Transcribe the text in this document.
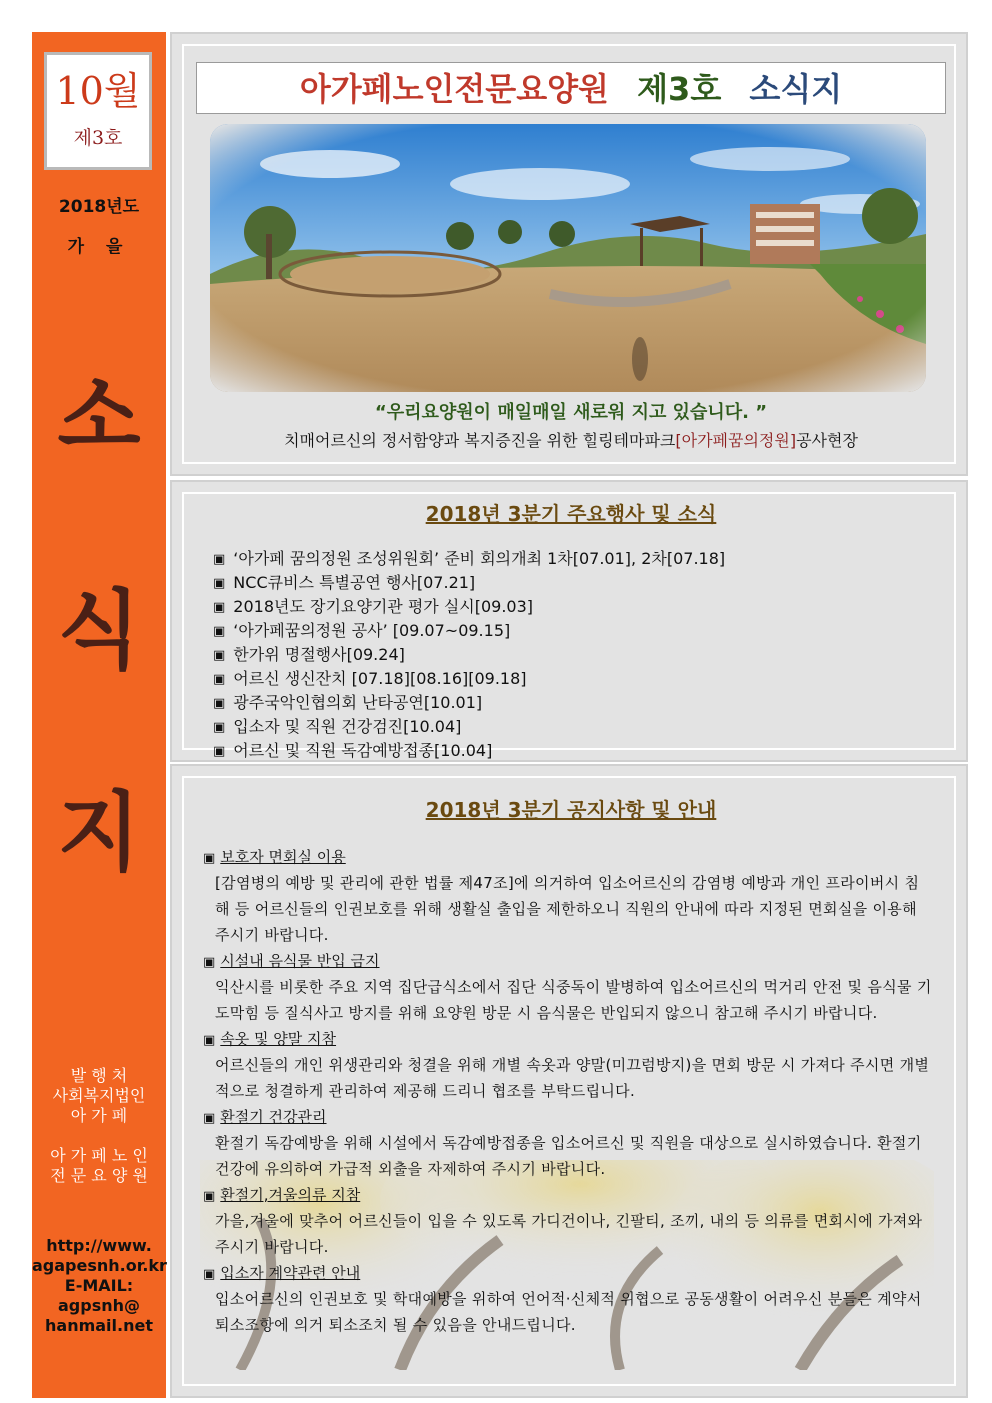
10월
제3호
2018년도
가 을
소
식
지
발 행 처
사회복지법인
아 가 페
아 가 페 노 인
전 문 요 양 원
http://www.
agapesnh.or.kr
E-MAIL:
agpsnh@
hanmail.net
아가페노인전문요양원 제3호 소식지
“우리요양원이 매일매일 새로워 지고 있습니다. ”
치매어르신의 정서함양과 복지증진을 위한 힐링테마파크[아가페꿈의정원]공사현장
2018년 3분기 주요행사 및 소식
▣ ‘아가페 꿈의정원 조성위원회’ 준비 회의개최 1차[07.01], 2차[07.18]
▣ NCC큐비스 특별공연 행사[07.21]
▣ 2018년도 장기요양기관 평가 실시[09.03]
▣ ‘아가페꿈의정원 공사’ [09.07~09.15]
▣ 한가위 명절행사[09.24]
▣ 어르신 생신잔치 [07.18][08.16][09.18]
▣ 광주국악인협의회 난타공연[10.01]
▣ 입소자 및 직원 건강검진[10.04]
▣ 어르신 및 직원 독감예방접종[10.04]
2018년 3분기 공지사항 및 안내
▣ 보호자 면회실 이용
[감염병의 예방 및 관리에 관한 법률 제47조]에 의거하여 입소어르신의 감염병 예방과 개인 프라이버시 침해 등 어르신들의 인권보호를 위해 생활실 출입을 제한하오니 직원의 안내에 따라 지정된 면회실을 이용해 주시기 바랍니다.
▣ 시설내 음식물 반입 금지
익산시를 비롯한 주요 지역 집단급식소에서 집단 식중독이 발병하여 입소어르신의 먹거리 안전 및 음식물 기도막힘 등 질식사고 방지를 위해 요양원 방문 시 음식물은 반입되지 않으니 참고해 주시기 바랍니다.
▣ 속옷 및 양말 지참
어르신들의 개인 위생관리와 청결을 위해 개별 속옷과 양말(미끄럼방지)을 면회 방문 시 가져다 주시면 개별적으로 청결하게 관리하여 제공해 드리니 협조를 부탁드립니다.
▣ 환절기 건강관리
환절기 독감예방을 위해 시설에서 독감예방접종을 입소어르신 및 직원을 대상으로 실시하였습니다. 환절기 건강에 유의하여 가급적 외출을 자제하여 주시기 바랍니다.
▣ 환절기,겨울의류 지참
가을,겨울에 맞추어 어르신들이 입을 수 있도록 가디건이나, 긴팔티, 조끼, 내의 등 의류를 면회시에 가져와 주시기 바랍니다.
▣ 입소자 계약관련 안내
입소어르신의 인권보호 및 학대예방을 위하여 언어적·신체적 위협으로 공동생활이 어려우신 분들은 계약서 퇴소조항에 의거 퇴소조치 될 수 있음을 안내드립니다.
